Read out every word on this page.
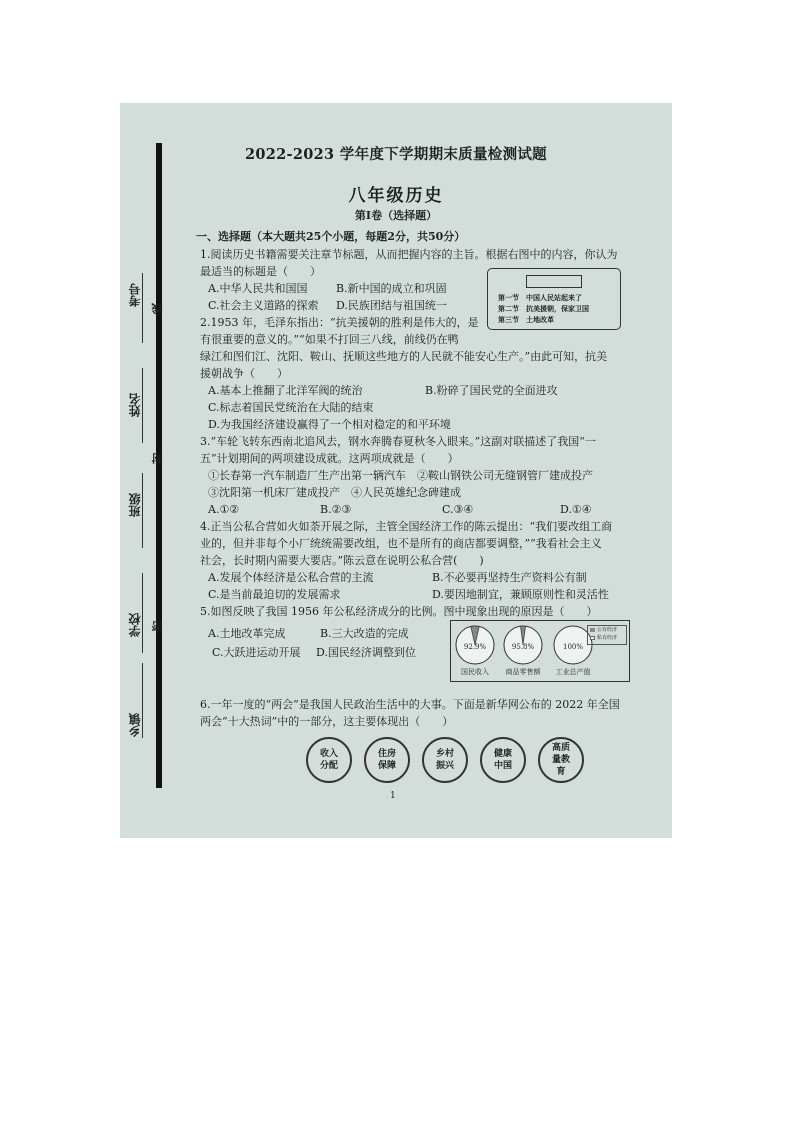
考号
线
姓名
封
班级
学校 密
乡镇
2022-2023 学年度下学期期末质量检测试题
八年级历史
第Ⅰ卷（选择题）
一、选择题（本大题共25个小题，每题2分，共50分）
1.阅读历史书籍需要关注章节标题，从而把握内容的主旨。根据右图中的内容，你认为
最适当的标题是（　　）
A.中华人民共和国国	B.新中国的成立和巩固
C.社会主义道路的探索 D.民族团结与祖国统一
第一节　中国人民站起来了
第二节　抗美援朝，保家卫国
第三节　土地改革
2.1953 年，毛泽东指出：“抗美援朝的胜利是伟大的，是
有很重要的意义的。”“如果不打回三八线，前线仍在鸭
绿江和图们江、沈阳、鞍山、抚顺这些地方的人民就不能安心生产。”由此可知，抗美
援朝战争（　　）
A.基本上推翻了北洋军阀的统治	B.粉碎了国民党的全面进攻
C.标志着国民党统治在大陆的结束
D.为我国经济建设赢得了一个相对稳定的和平环境
3.“车轮飞转东西南北追风去，钢水奔腾春夏秋冬入眼来。”这副对联描述了我国“一
五”计划期间的两项建设成就。这两项成就是（　　）
①长春第一汽车制造厂生产出第一辆汽车　②鞍山钢铁公司无缝钢管厂建成投产
③沈阳第一机床厂建成投产　④人民英雄纪念碑建成
A.①②	B.②③	C.③④	D.①④
4.正当公私合营如火如荼开展之际，主管全国经济工作的陈云提出：“我们要改组工商
业的，但并非每个小厂统统需要改组，也不是所有的商店都要调整，”“我看社会主义
社会，长时期内需要大要店。”陈云意在说明公私合营(　　)
A.发展个体经济是公私合营的主流	B.不必要再坚持生产资料公有制
C.是当前最迫切的发展需求	D.要因地制宜，兼顾原则性和灵活性
5.如图反映了我国 1956 年公私经济成分的比例。图中现象出现的原因是（　　）
A.土地改革完成	B.三大改造的完成
C.大跃进运动开展 D.国民经济调整到位
公有经济
私有经济
国民收入	商品零售额	工业总产值
92.9%	95.8%	100%
6.一年一度的“两会”是我国人民政治生活中的大事。下面是新华网公布的 2022 年全国
两会“十大热词”中的一部分，这主要体现出（　　）
收入分配
住房保障
乡村振兴
健康中国
高质量教育
1
